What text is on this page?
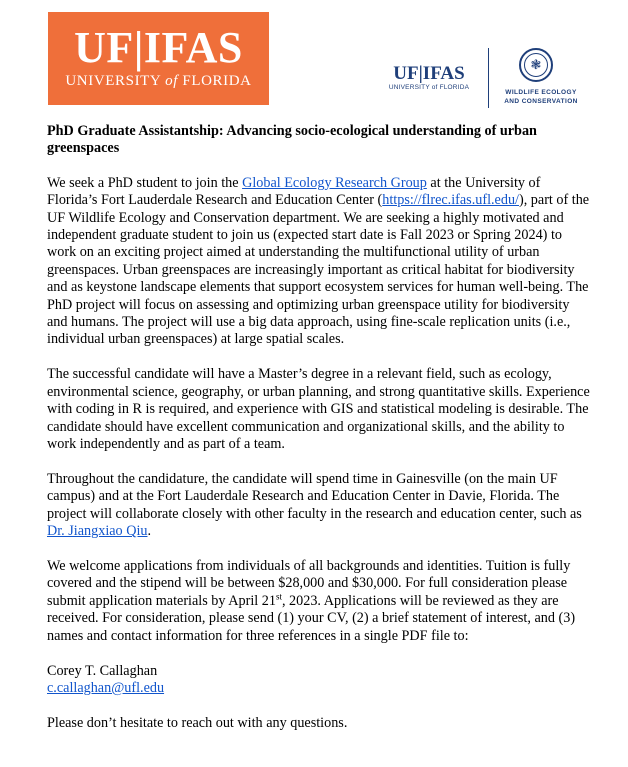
UF|IFAS
UNIVERSITY of FLORIDA	UF|IFAS
UNIVERSITY of FLORIDA
❃
WILDLIFE ECOLOGY
AND CONSERVATION
PhD Graduate Assistantship: Advancing socio-ecological understanding of urban greenspaces

We seek a PhD student to join the Global Ecology Research Group at the University of Florida’s Fort Lauderdale Research and Education Center (https://flrec.ifas.ufl.edu/), part of the UF Wildlife Ecology and Conservation department. We are seeking a highly motivated and independent graduate student to join us (expected start date is Fall 2023 or Spring 2024) to work on an exciting project aimed at understanding the multifunctional utility of urban greenspaces. Urban greenspaces are increasingly important as critical habitat for biodiversity and as keystone landscape elements that support ecosystem services for human well-being. The PhD project will focus on assessing and optimizing urban greenspace utility for biodiversity and humans. The project will use a big data approach, using fine-scale replication units (i.e., individual urban greenspaces) at large spatial scales.

The successful candidate will have a Master’s degree in a relevant field, such as ecology, environmental science, geography, or urban planning, and strong quantitative skills. Experience with coding in R is required, and experience with GIS and statistical modeling is desirable. The candidate should have excellent communication and organizational skills, and the ability to work independently and as part of a team.

Throughout the candidature, the candidate will spend time in Gainesville (on the main UF campus) and at the Fort Lauderdale Research and Education Center in Davie, Florida. The project will collaborate closely with other faculty in the research and education center, such as Dr. Jiangxiao Qiu.

We welcome applications from individuals of all backgrounds and identities. Tuition is fully covered and the stipend will be between $28,000 and $30,000. For full consideration please submit application materials by April 21st, 2023. Applications will be reviewed as they are received. For consideration, please send (1) your CV, (2) a brief statement of interest, and (3) names and contact information for three references in a single PDF file to:

Corey T. Callaghan
c.callaghan@ufl.edu

Please don’t hesitate to reach out with any questions.
